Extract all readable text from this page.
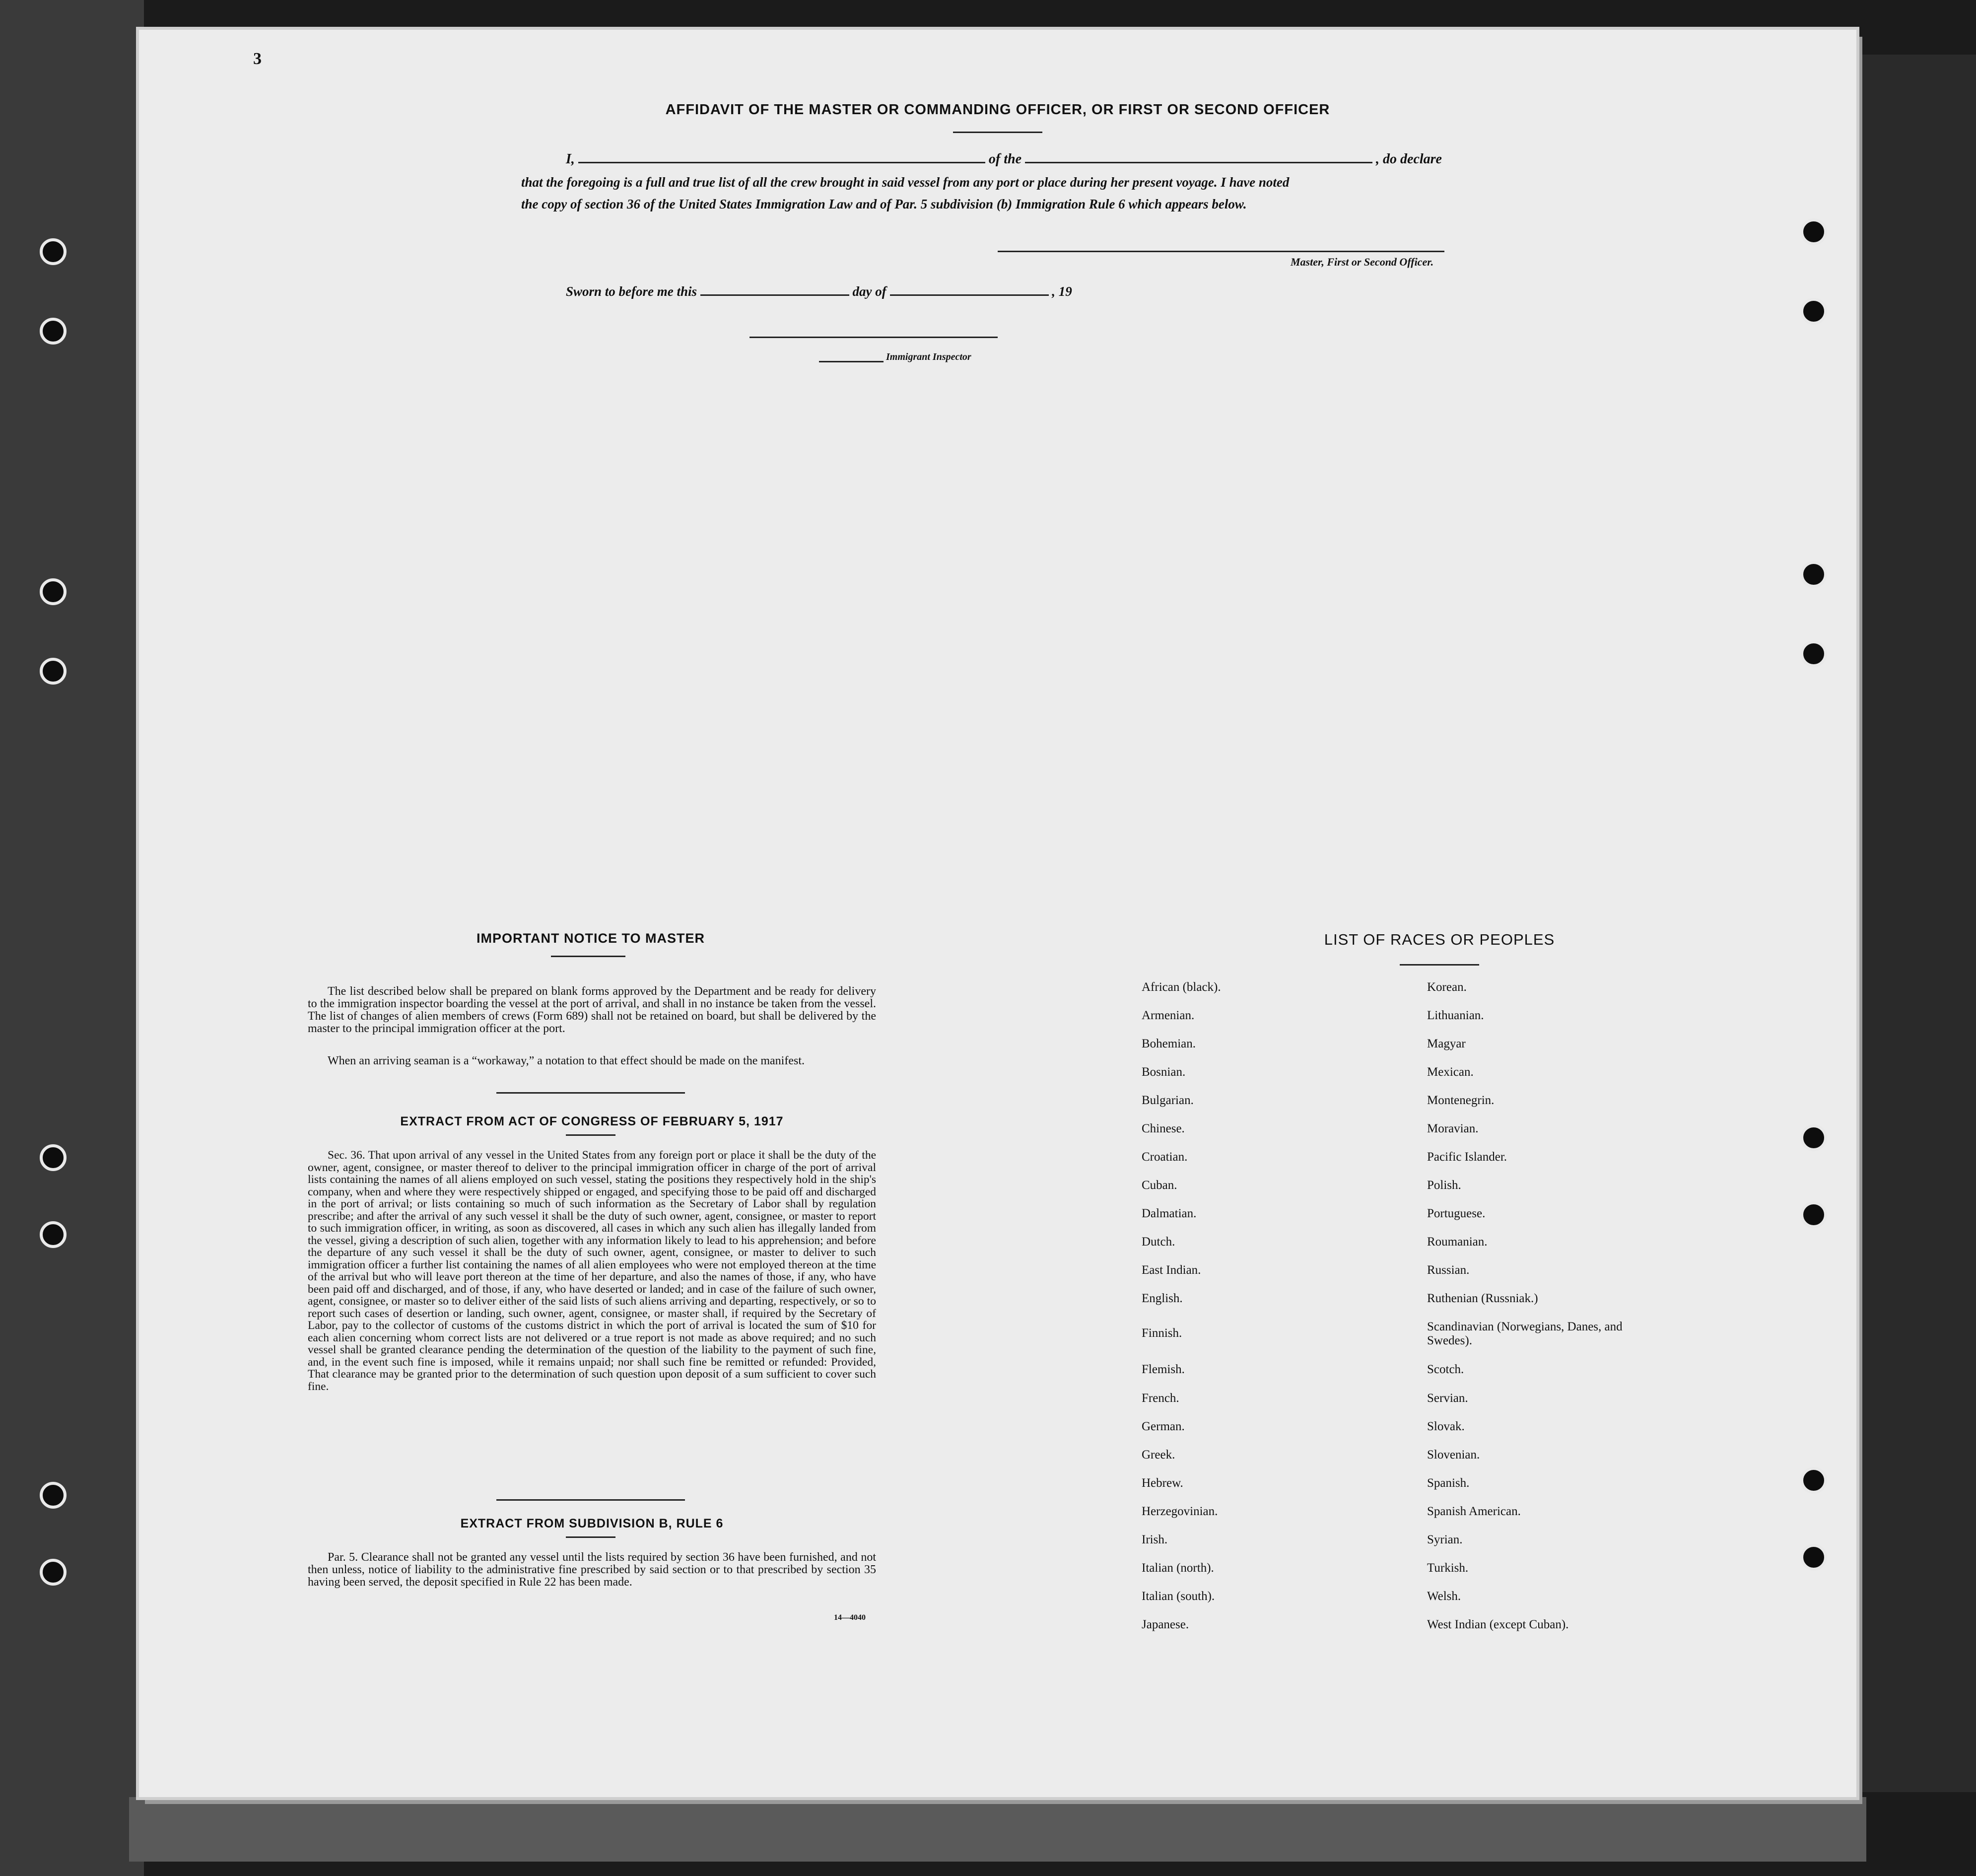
3
AFFIDAVIT OF THE MASTER OR COMMANDING OFFICER, OR FIRST OR SECOND OFFICER
I,	of the	, do declare
that the foregoing is a full and true list of all the crew brought in said vessel from any port or place during her present voyage. I have noted
the copy of section 36 of the United States Immigration Law and of Par. 5 subdivision (b) Immigration Rule 6 which appears below.
Master, First or Second Officer.
Sworn to before me this	day of	, 19
Immigrant Inspector
IMPORTANT NOTICE TO MASTER
The list described below shall be prepared on blank forms approved by the Department and be ready for delivery to the immigration inspector boarding the vessel at the port of arrival, and shall in no instance be taken from the vessel. The list of changes of alien members of crews (Form 689) shall not be retained on board, but shall be delivered by the master to the principal immigration officer at the port.
When an arriving seaman is a “workaway,” a notation to that effect should be made on the manifest.
EXTRACT FROM ACT OF CONGRESS OF FEBRUARY 5, 1917
Sec. 36. That upon arrival of any vessel in the United States from any foreign port or place it shall be the duty of the owner, agent, consignee, or master thereof to deliver to the principal immigration officer in charge of the port of arrival lists containing the names of all aliens employed on such vessel, stating the positions they respectively hold in the ship's company, when and where they were respectively shipped or engaged, and specifying those to be paid off and discharged in the port of arrival; or lists containing so much of such information as the Secretary of Labor shall by regulation prescribe; and after the arrival of any such vessel it shall be the duty of such owner, agent, consignee, or master to report to such immigration officer, in writing, as soon as discovered, all cases in which any such alien has illegally landed from the vessel, giving a description of such alien, together with any information likely to lead to his apprehension; and before the departure of any such vessel it shall be the duty of such owner, agent, consignee, or master to deliver to such immigration officer a further list containing the names of all alien employees who were not employed thereon at the time of the arrival but who will leave port thereon at the time of her departure, and also the names of those, if any, who have been paid off and discharged, and of those, if any, who have deserted or landed; and in case of the failure of such owner, agent, consignee, or master so to deliver either of the said lists of such aliens arriving and departing, respectively, or so to report such cases of desertion or landing, such owner, agent, consignee, or master shall, if required by the Secretary of Labor, pay to the collector of customs of the customs district in which the port of arrival is located the sum of $10 for each alien concerning whom correct lists are not delivered or a true report is not made as above required; and no such vessel shall be granted clearance pending the determination of the question of the liability to the payment of such fine, and, in the event such fine is imposed, while it remains unpaid; nor shall such fine be remitted or refunded: Provided, That clearance may be granted prior to the determination of such question upon deposit of a sum sufficient to cover such fine.
EXTRACT FROM SUBDIVISION B, RULE 6
Par. 5. Clearance shall not be granted any vessel until the lists required by section 36 have been furnished, and not then unless, notice of liability to the administrative fine prescribed by said section or to that prescribed by section 35 having been served, the deposit specified in Rule 22 has been made.
14—4040
LIST OF RACES OR PEOPLES
African (black).
Armenian.
Bohemian.
Bosnian.
Bulgarian.
Chinese.
Croatian.
Cuban.
Dalmatian.
Dutch.
East Indian.
English.
Finnish.
Flemish.
French.
German.
Greek.
Hebrew.
Herzegovinian.
Irish.
Italian (north).
Italian (south).
Japanese.
Korean.
Lithuanian.
Magyar
Mexican.
Montenegrin.
Moravian.
Pacific Islander.
Polish.
Portuguese.
Roumanian.
Russian.
Ruthenian (Russniak.)
Scandinavian (Norwegians, Danes, and Swedes).
Scotch.
Servian.
Slovak.
Slovenian.
Spanish.
Spanish American.
Syrian.
Turkish.
Welsh.
West Indian (except Cuban).
